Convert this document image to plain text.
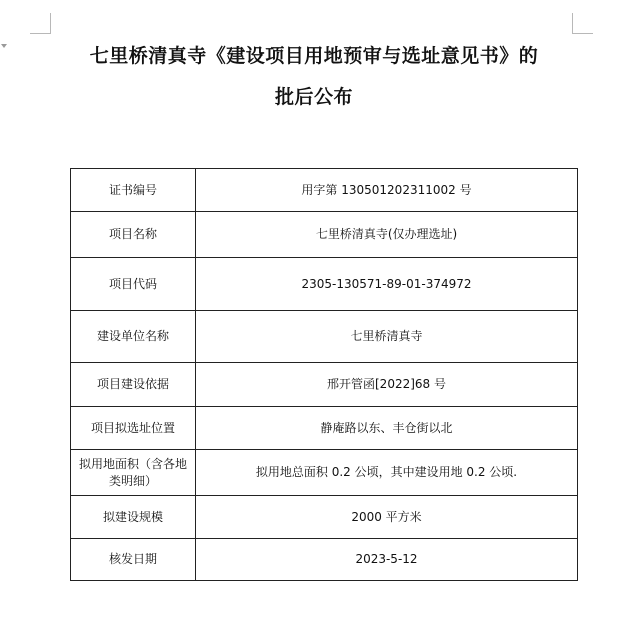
七里桥清真寺《建设项目用地预审与选址意见书》的
批后公布
证书编号	用字第 130501202311002 号
项目名称	七里桥清真寺(仅办理选址)
项目代码	2305-130571-89-01-374972
建设单位名称	七里桥清真寺
项目建设依据	邢开管函[2022]68 号
项目拟选址位置	静庵路以东、丰仓街以北
拟用地面积（含各地类明细）	拟用地总面积 0.2 公顷，其中建设用地 0.2 公顷.
拟建设规模	2000 平方米
核发日期	2023-5-12
